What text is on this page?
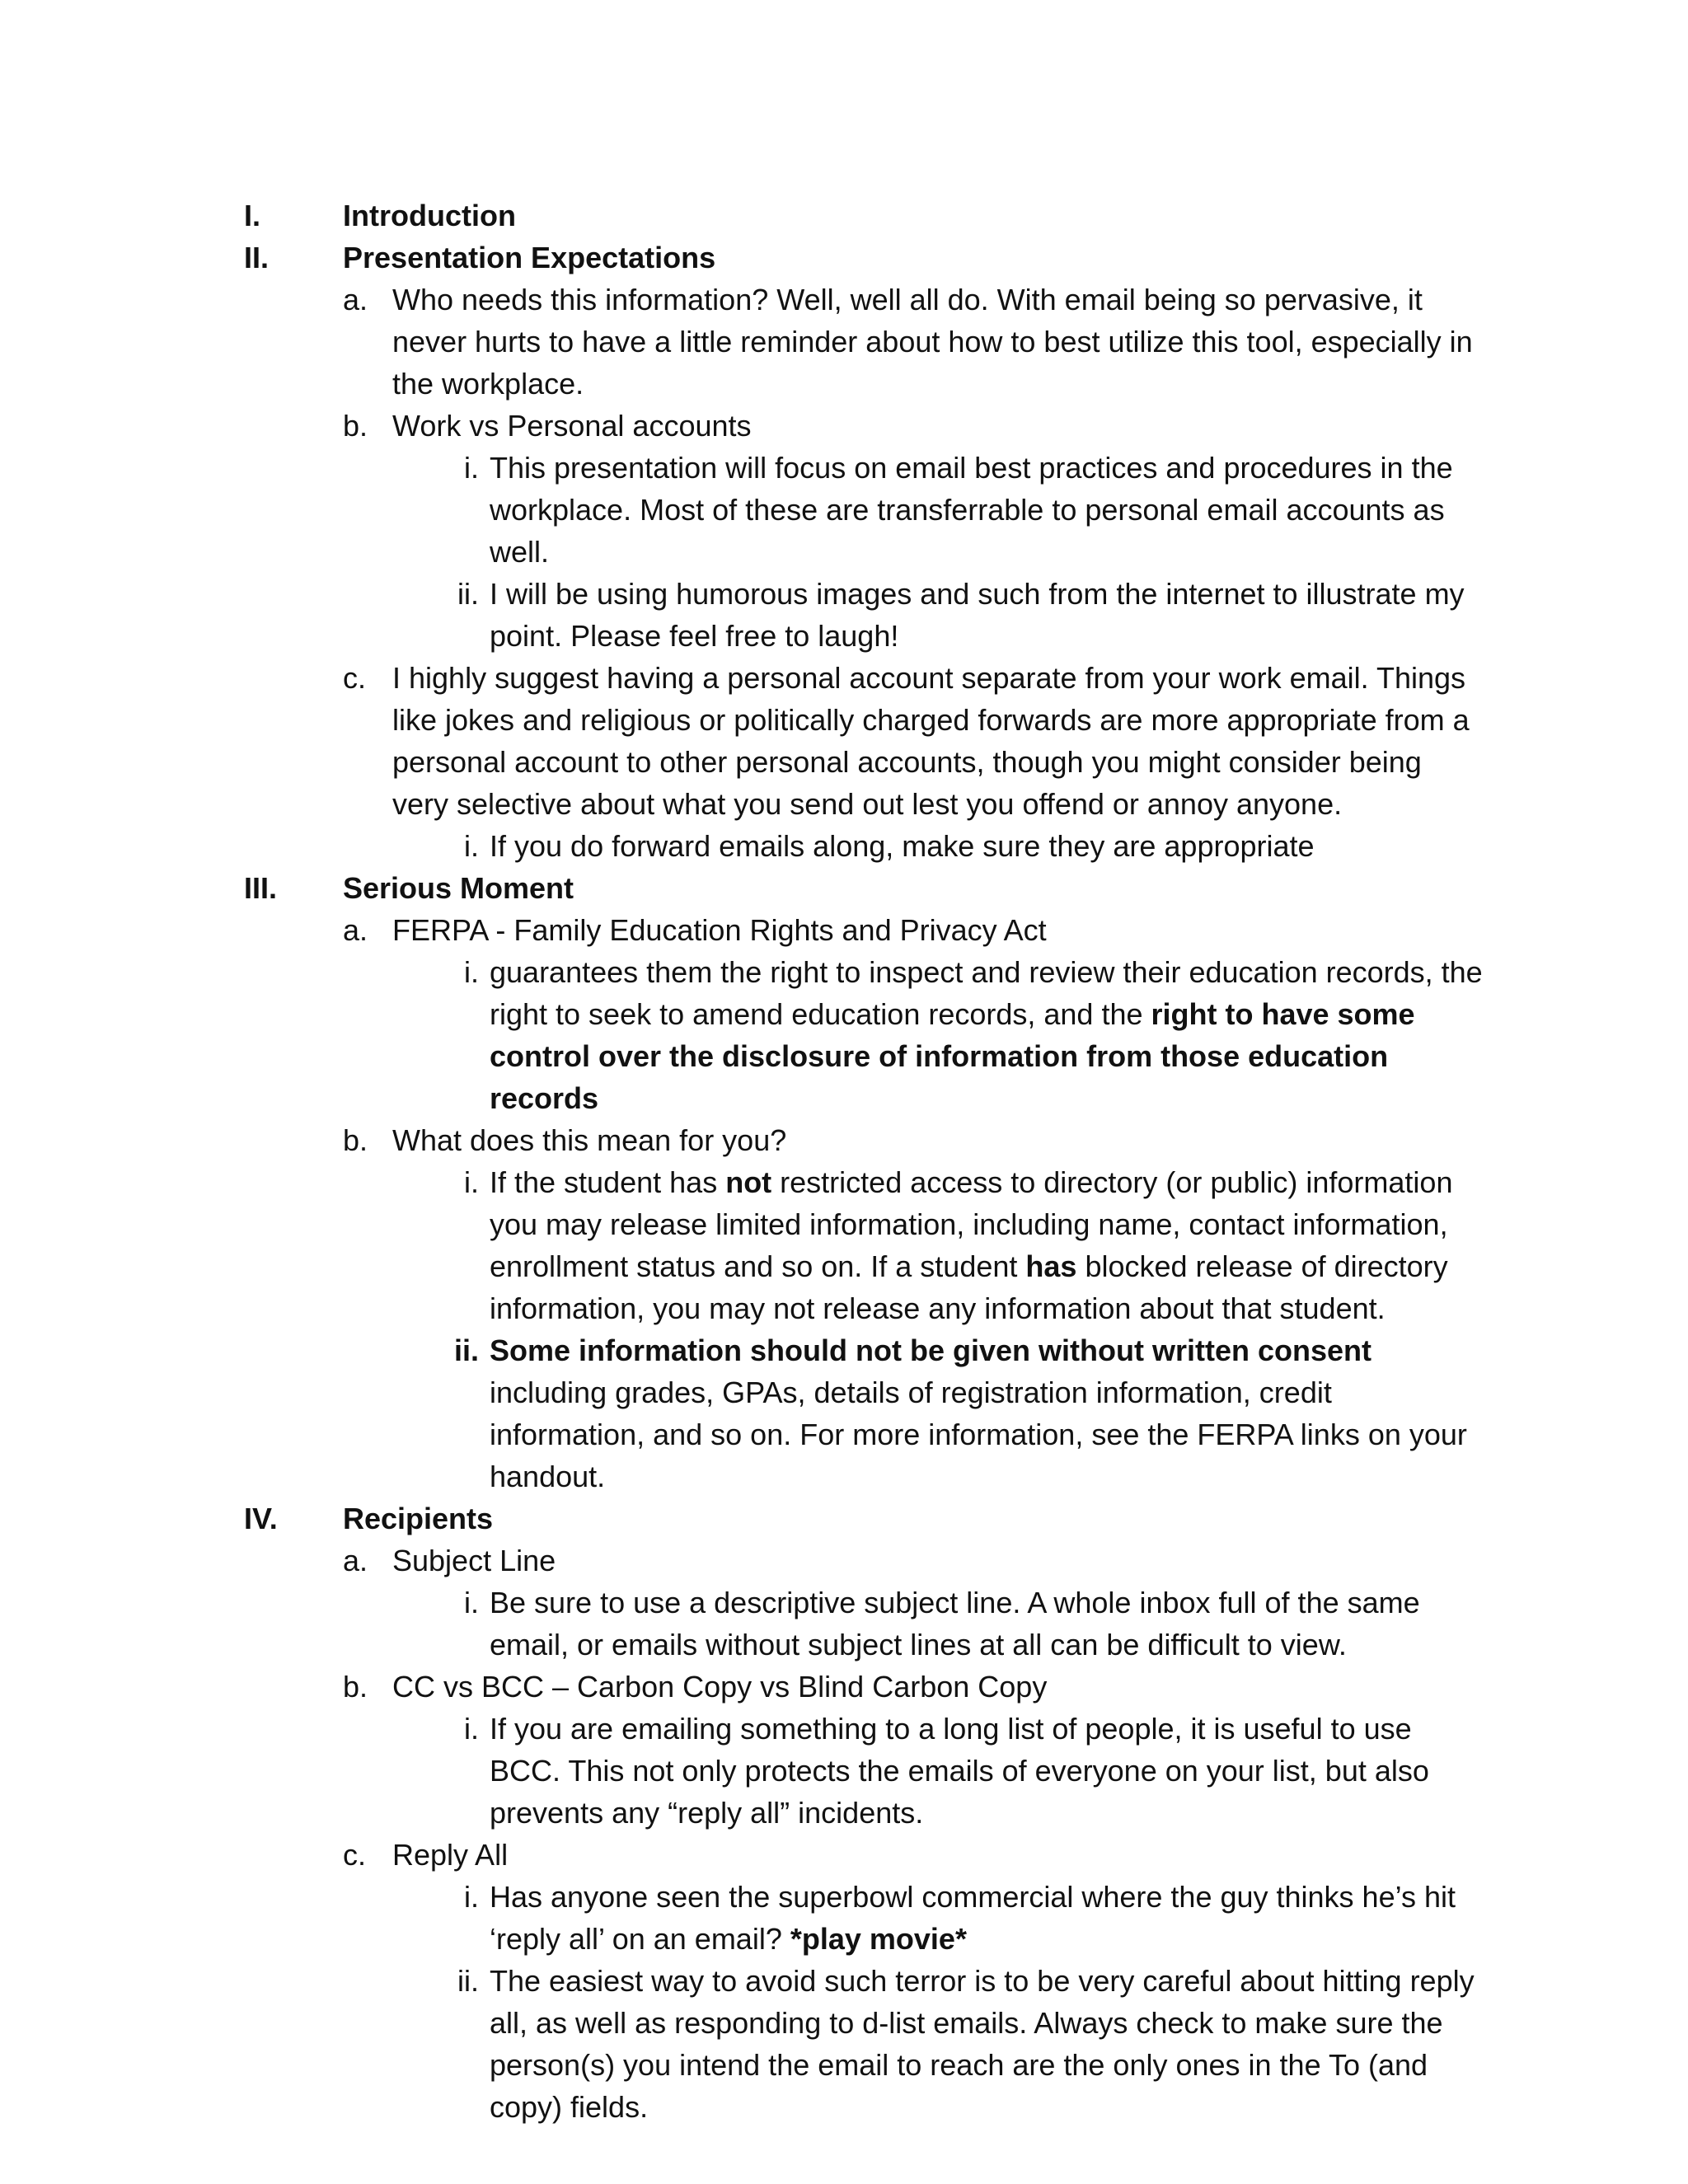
I.	Introduction
II. Presentation Expectations
a. Who needs this information? Well, well all do. With email being so pervasive, it never hurts to have a little reminder about how to best utilize this tool, especially in the workplace.
b. Work vs Personal accounts
i. This presentation will focus on email best practices and procedures in the workplace. Most of these are transferrable to personal email accounts as well.
ii. I will be using humorous images and such from the internet to illustrate my point. Please feel free to laugh!
c. I highly suggest having a personal account separate from your work email. Things like jokes and religious or politically charged forwards are more appropriate from a personal account to other personal accounts, though you might consider being very selective about what you send out lest you offend or annoy anyone.
i. If you do forward emails along, make sure they are appropriate
III. Serious Moment
a. FERPA - Family Education Rights and Privacy Act
i. guarantees them the right to inspect and review their education records, the right to seek to amend education records, and the right to have some control over the disclosure of information from those education records
b. What does this mean for you?
i. If the student has not restricted access to directory (or public) information you may release limited information, including name, contact information, enrollment status and so on. If a student has blocked release of directory information, you may not release any information about that student.
ii. Some information should not be given without written consent including grades, GPAs, details of registration information, credit information, and so on. For more information, see the FERPA links on your handout.
IV. Recipients
a. Subject Line
i. Be sure to use a descriptive subject line. A whole inbox full of the same email, or emails without subject lines at all can be difficult to view.
b. CC vs BCC – Carbon Copy vs Blind Carbon Copy
i. If you are emailing something to a long list of people, it is useful to use BCC. This not only protects the emails of everyone on your list, but also prevents any “reply all” incidents.
c. Reply All
i. Has anyone seen the superbowl commercial where the guy thinks he’s hit ‘reply all’ on an email? *play movie*
ii. The easiest way to avoid such terror is to be very careful about hitting reply all, as well as responding to d-list emails. Always check to make sure the person(s) you intend the email to reach are the only ones in the To (and copy) fields.
